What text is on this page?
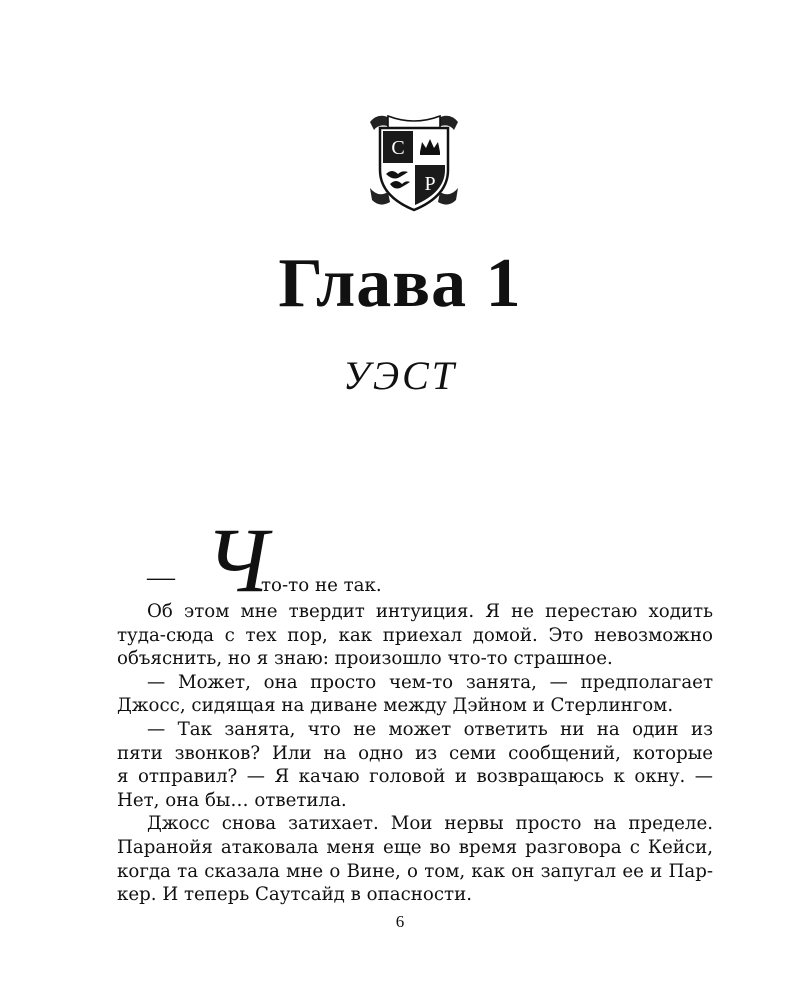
C
P
Глава 1
УЭСТ
— Ч
то-то не так.
Об этом мне твердит интуиция. Я не перестаю ходить
туда-сюда с тех пор, как приехал домой. Это невозможно
объяснить, но я знаю: произошло что-то страшное.
— Может, она просто чем-то занята, — предполагает
Джосс, сидящая на диване между Дэйном и Стерлингом.
— Так занята, что не может ответить ни на один из
пяти звонков? Или на одно из семи сообщений, которые
я отправил? — Я качаю головой и возвращаюсь к окну. —
Нет, она бы… ответила.
Джосс снова затихает. Мои нервы просто на пределе.
Паранойя атаковала меня еще во время разговора с Кейси,
когда та сказала мне о Вине, о том, как он запугал ее и Пар-
кер. И теперь Саутсайд в опасности.
6
